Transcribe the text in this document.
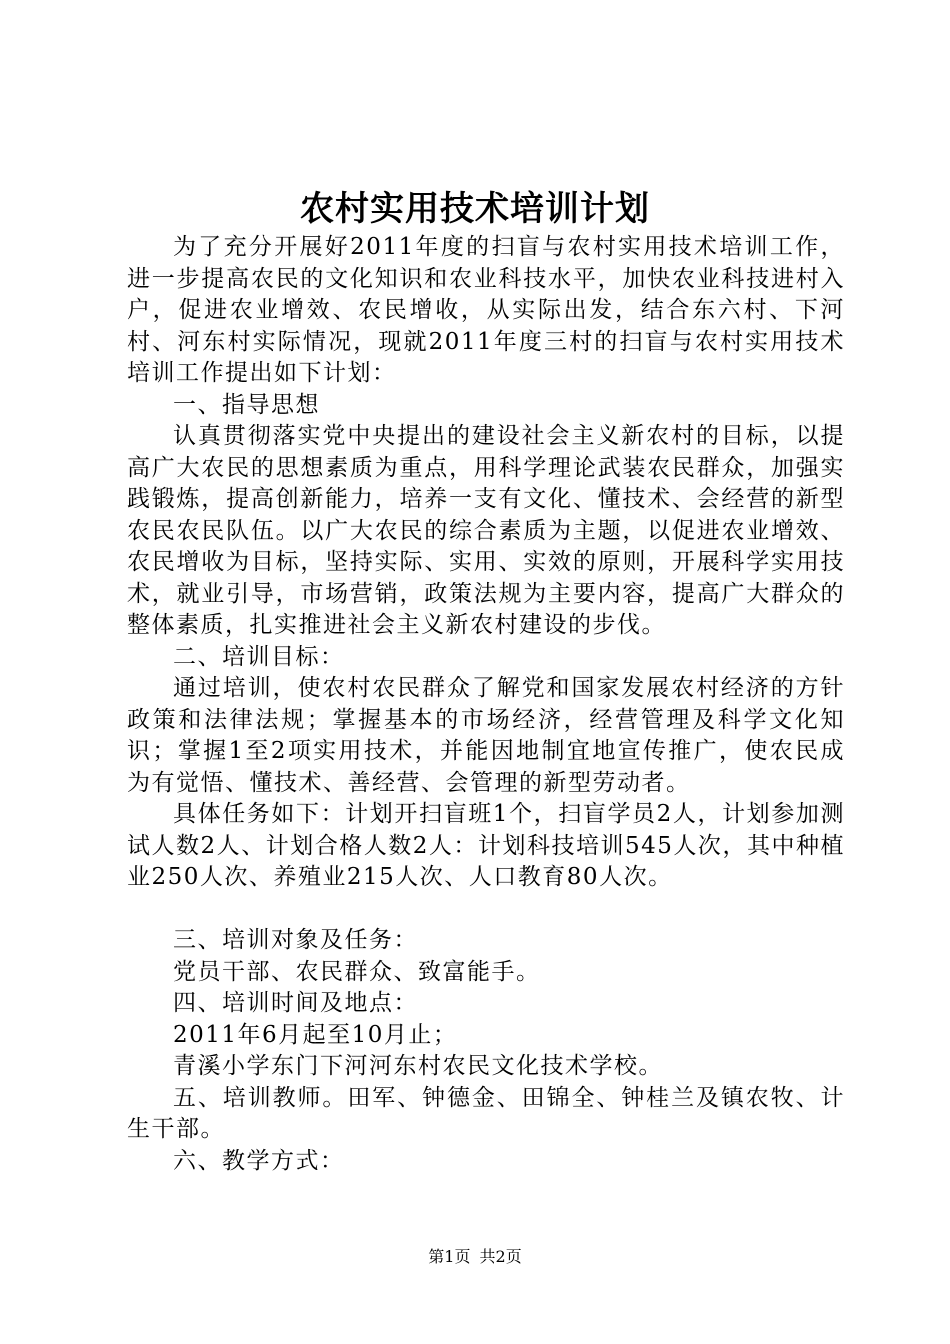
农村实用技术培训计划

为了充分开展好2011年度的扫盲与农村实用技术培训工作，进一步提高农民的文化知识和农业科技水平，加快农业科技进村入户，促进农业增效、农民增收，从实际出发，结合东六村、下河村、河东村实际情况，现就2011年度三村的扫盲与农村实用技术培训工作提出如下计划：

一、指导思想

认真贯彻落实党中央提出的建设社会主义新农村的目标，以提高广大农民的思想素质为重点，用科学理论武装农民群众，加强实践锻炼，提高创新能力，培养一支有文化、懂技术、会经营的新型农民农民队伍。以广大农民的综合素质为主题，以促进农业增效、农民增收为目标，坚持实际、实用、实效的原则，开展科学实用技术，就业引导，市场营销，政策法规为主要内容，提高广大群众的整体素质，扎实推进社会主义新农村建设的步伐。

二、培训目标：

通过培训，使农村农民群众了解党和国家发展农村经济的方针政策和法律法规；掌握基本的市场经济，经营管理及科学文化知识；掌握1至2项实用技术，并能因地制宜地宣传推广，使农民成为有觉悟、懂技术、善经营、会管理的新型劳动者。

具体任务如下：计划开扫盲班1个，扫盲学员2人，计划参加测试人数2人、计划合格人数2人：计划科技培训545人次，其中种植业250人次、养殖业215人次、人口教育80人次。

三、培训对象及任务：

党员干部、农民群众、致富能手。

四、培训时间及地点：

2011年6月起至10月止；

青溪小学东门下河河东村农民文化技术学校。

五、培训教师。田军、钟德金、田锦全、钟桂兰及镇农牧、计生干部。

六、教学方式：

第1页 共2页
